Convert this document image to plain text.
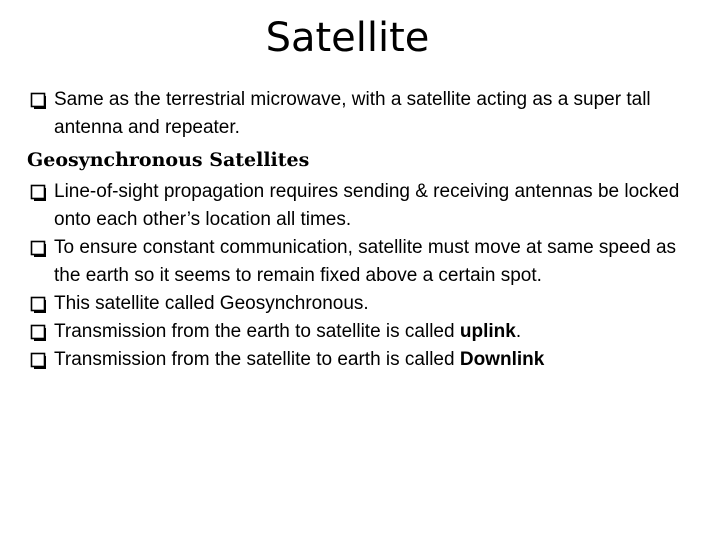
Satellite

Same as the terrestrial microwave, with a satellite acting as a super tall antenna and repeater.

Geosynchronous Satellites

Line-of-sight propagation requires sending & receiving antennas be locked onto each other’s location all times.

To ensure constant communication, satellite must move at same speed as the earth so it seems to remain fixed above a certain spot.

This satellite called Geosynchronous.

Transmission from the earth to satellite is called uplink.

Transmission from the satellite to earth is called Downlink
